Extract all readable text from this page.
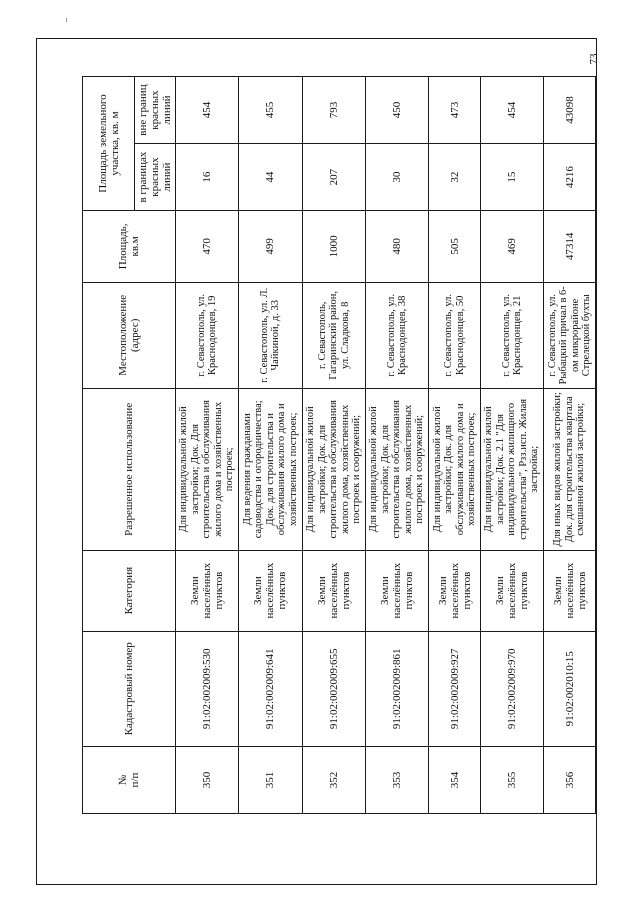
73
№
п/п	Кадастровый номер	Категория	Разрешенное использование	Местоположение (адрес)	Площадь, кв.м	Площадь земельного участка, кв. м	
						в границах красных линий	вне границ красных линий
350	91:02:002009:530	Земли населённых пунктов	Для индивидуальной жилой застройки; Док. Для строительства и обслуживания жилого дома и хозяйственных построек;	г. Севастополь, ул. Краснодонцев, 19	470	16	454
351	91:02:002009:641	Земли населённых пунктов	Для ведения гражданами садоводства и огородничества; Док. для строительства и обслуживания жилого дома и хозяйственных построек;	г. Севастополь, ул. Л. Чайкиной, д. 33	499	44	455
352	91:02:002009:655	Земли населённых пунктов	Для индивидуальной жилой застройки; Док. для строительства и обслуживания жилого дома, хозяйственных построек и сооружений;	г. Севастополь, Гагаринский район, ул. Сладкова, 8	1000	207	793
353	91:02:002009:861	Земли населённых пунктов	Для индивидуальной жилой застройки; Док. для строительства и обслуживания жилого дома, хозяйственных построек и сооружений;	г. Севастополь, ул. Краснодонцев, 38	480	30	450
354	91:02:002009:927	Земли населённых пунктов	Для индивидуальной жилой застройки; Док. для обслуживания жилого дома и хозяйственных построек;	г. Севастополь, ул. Краснодонцев, 50	505	32	473
355	91:02:002009:970	Земли населённых пунктов	Для индивидуальной жилой застройки; Док. 2.1 "Для индивидуального жилищного строительства", Рзз.исп. Жилая застройка;	г. Севастополь, ул. Краснодонцев, 21	469	15	454
356	91:02:002010:15	Земли населённых пунктов	Для иных видов жилой застройки; Док. для строительства квартала смешанной жилой застройки;	г. Севастополь, ул. Рыбацкий причал в 6-ом микрорайоне Стрелецкой бухты	47314	4216	43098
